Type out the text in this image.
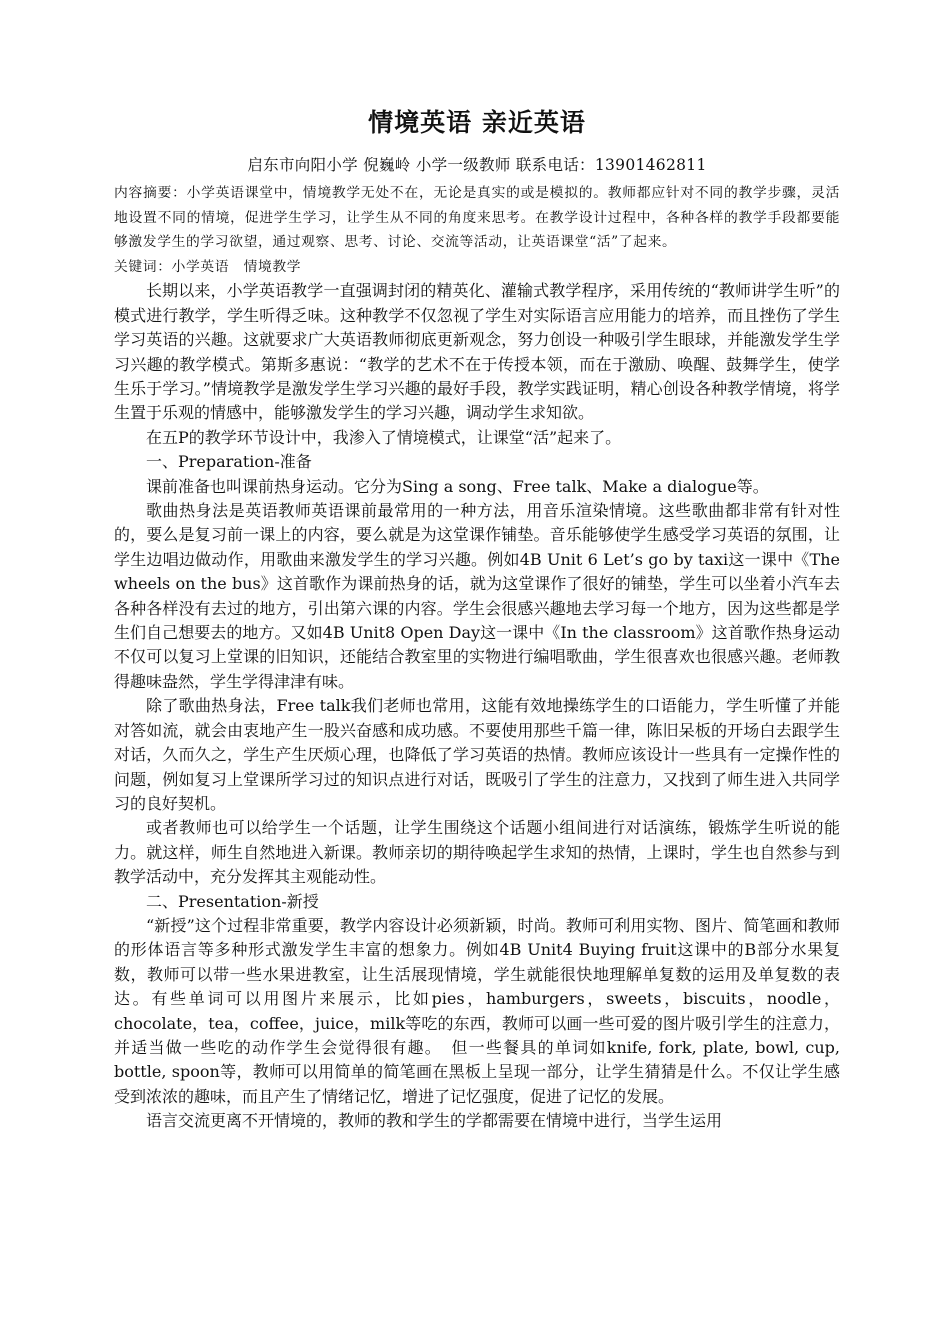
情境英语 亲近英语
启东市向阳小学 倪巍岭 小学一级教师 联系电话：13901462811

内容摘要：小学英语课堂中，情境教学无处不在，无论是真实的或是模拟的。教师都应针对不同的教学步骤，灵活地设置不同的情境，促进学生学习，让学生从不同的角度来思考。在教学设计过程中，各种各样的教学手段都要能够激发学生的学习欲望，通过观察、思考、讨论、交流等活动，让英语课堂“活”了起来。

关键词：小学英语　情境教学

长期以来，小学英语教学一直强调封闭的精英化、灌输式教学程序，采用传统的“教师讲学生听”的模式进行教学，学生听得乏味。这种教学不仅忽视了学生对实际语言应用能力的培养，而且挫伤了学生学习英语的兴趣。这就要求广大英语教师彻底更新观念，努力创设一种吸引学生眼球，并能激发学生学习兴趣的教学模式。第斯多惠说：“教学的艺术不在于传授本领，而在于激励、唤醒、鼓舞学生，使学生乐于学习。”情境教学是激发学生学习兴趣的最好手段，教学实践证明，精心创设各种教学情境，将学生置于乐观的情感中，能够激发学生的学习兴趣，调动学生求知欲。

在五P的教学环节设计中，我渗入了情境模式，让课堂“活”起来了。

一、Preparation-准备

课前准备也叫课前热身运动。它分为Sing a song、Free talk、Make a dialogue等。

歌曲热身法是英语教师英语课前最常用的一种方法，用音乐渲染情境。这些歌曲都非常有针对性的，要么是复习前一课上的内容，要么就是为这堂课作铺垫。音乐能够使学生感受学习英语的氛围，让学生边唱边做动作，用歌曲来激发学生的学习兴趣。例如4B Unit 6 Let’s go by taxi这一课中《The wheels on the bus》这首歌作为课前热身的话，就为这堂课作了很好的铺垫，学生可以坐着小汽车去各种各样没有去过的地方，引出第六课的内容。学生会很感兴趣地去学习每一个地方，因为这些都是学生们自己想要去的地方。又如4B Unit8 Open Day这一课中《In the classroom》这首歌作热身运动不仅可以复习上堂课的旧知识，还能结合教室里的实物进行编唱歌曲，学生很喜欢也很感兴趣。老师教得趣味盎然，学生学得津津有味。

除了歌曲热身法，Free talk我们老师也常用，这能有效地操练学生的口语能力，学生听懂了并能对答如流，就会由衷地产生一股兴奋感和成功感。不要使用那些千篇一律，陈旧呆板的开场白去跟学生对话，久而久之，学生产生厌烦心理，也降低了学习英语的热情。教师应该设计一些具有一定操作性的问题，例如复习上堂课所学习过的知识点进行对话，既吸引了学生的注意力，又找到了师生进入共同学习的良好契机。

或者教师也可以给学生一个话题，让学生围绕这个话题小组间进行对话演练，锻炼学生听说的能力。就这样，师生自然地进入新课。教师亲切的期待唤起学生求知的热情，上课时，学生也自然参与到教学活动中，充分发挥其主观能动性。

二、Presentation-新授

“新授”这个过程非常重要，教学内容设计必须新颖，时尚。教师可利用实物、图片、简笔画和教师的形体语言等多种形式激发学生丰富的想象力。例如4B Unit4 Buying fruit这课中的B部分水果复数，教师可以带一些水果进教室，让生活展现情境，学生就能很快地理解单复数的运用及单复数的表达。有些单词可以用图片来展示，比如pies，hamburgers，sweets，biscuits，noodle，chocolate，tea，coffee，juice，milk等吃的东西，教师可以画一些可爱的图片吸引学生的注意力，并适当做一些吃的动作学生会觉得很有趣。　但一些餐具的单词如knife, fork, plate, bowl, cup, bottle, spoon等，教师可以用简单的简笔画在黑板上呈现一部分，让学生猜猜是什么。不仅让学生感受到浓浓的趣味，而且产生了情绪记忆，增进了记忆强度，促进了记忆的发展。

语言交流更离不开情境的，教师的教和学生的学都需要在情境中进行，当学生运用
